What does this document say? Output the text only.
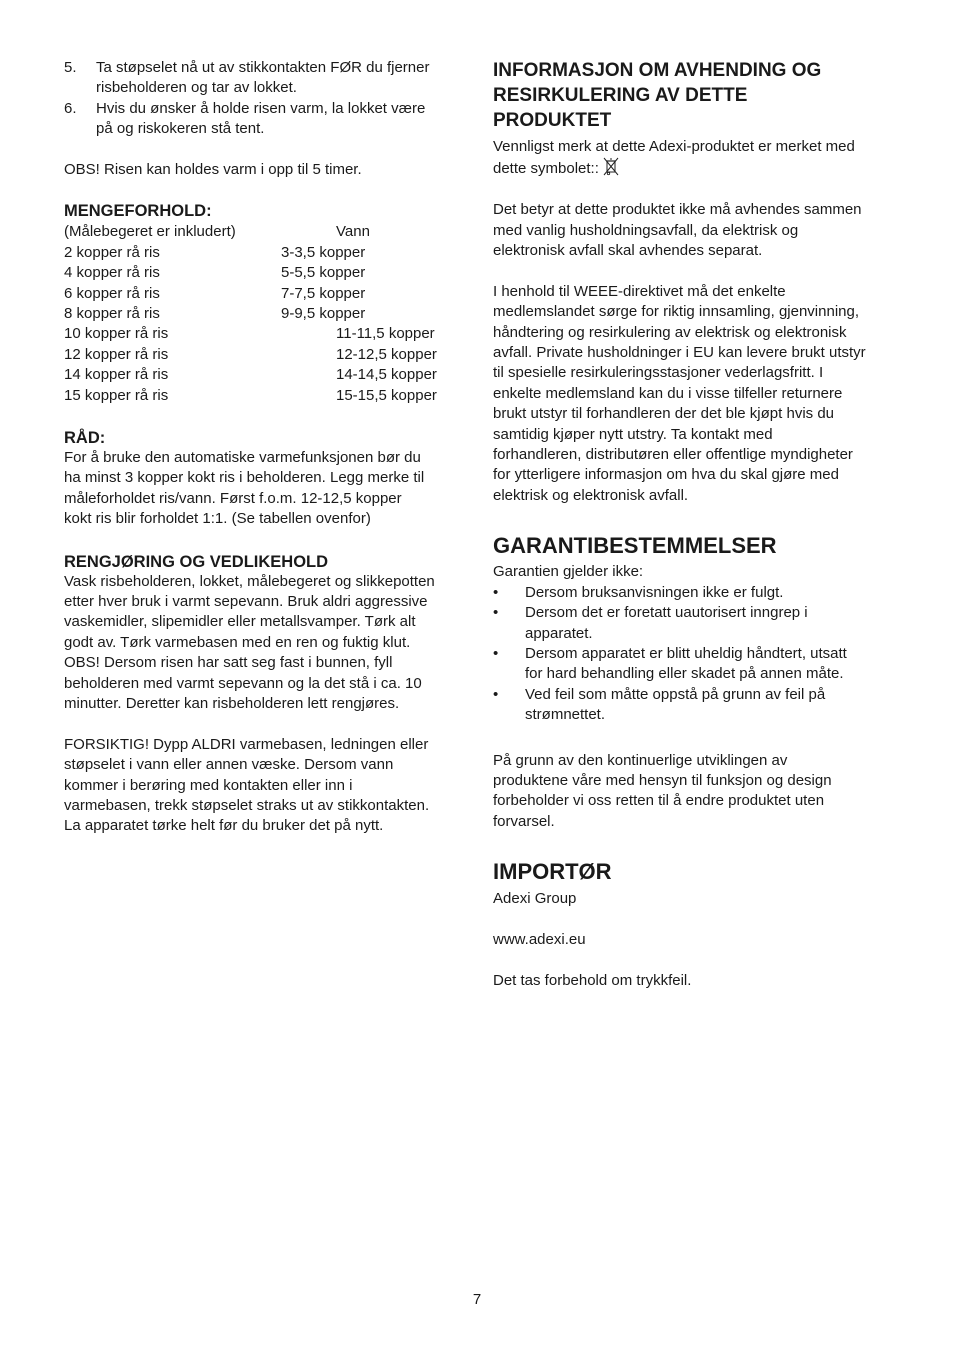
5. Ta støpselet nå ut av stikkontakten FØR du fjerner
risbeholderen og tar av lokket.
6. Hvis du ønsker å holde risen varm, la lokket være
på og riskokeren stå tent.

OBS! Risen kan holdes varm i opp til 5 timer.

MENGEFORHOLD:
(Målebegeret er inkludert)	Vann
2 kopper rå ris	3-3,5 kopper
4 kopper rå ris	5-5,5 kopper
6 kopper rå ris	7-7,5 kopper
8 kopper rå ris	9-9,5 kopper
10 kopper rå ris	11-11,5 kopper
12 kopper rå ris	12-12,5 kopper
14 kopper rå ris	14-14,5 kopper
15 kopper rå ris	15-15,5 kopper
RÅD:

For å bruke den automatiske varmefunksjonen bør du

ha minst 3 kopper kokt ris i beholderen. Legg merke til

måleforholdet ris/vann. Først f.o.m. 12-12,5 kopper

kokt ris blir forholdet 1:1. (Se tabellen ovenfor)

RENGJØRING OG VEDLIKEHOLD

Vask risbeholderen, lokket, målebegeret og slikkepotten

etter hver bruk i varmt sepevann. Bruk aldri aggressive

vaskemidler, slipemidler eller metallsvamper. Tørk alt

godt av. Tørk varmebasen med en ren og fuktig klut.

OBS! Dersom risen har satt seg fast i bunnen, fyll

beholderen med varmt sepevann og la det stå i ca. 10

minutter. Deretter kan risbeholderen lett rengjøres.

FORSIKTIG! Dypp ALDRI varmebasen, ledningen eller

støpselet i vann eller annen væske. Dersom vann

kommer i berøring med kontakten eller inn i

varmebasen, trekk støpselet straks ut av stikkontakten.

La apparatet tørke helt før du bruker det på nytt.

INFORMASJON OM AVHENDING OG
RESIRKULERING AV DETTE
PRODUKTET

Vennligst merk at dette Adexi-produktet er merket med

dette symbolet::

Det betyr at dette produktet ikke må avhendes sammen

med vanlig husholdningsavfall, da elektrisk og

elektronisk avfall skal avhendes separat.

I henhold til WEEE-direktivet må det enkelte

medlemslandet sørge for riktig innsamling, gjenvinning,

håndtering og resirkulering av elektrisk og elektronisk

avfall. Private husholdninger i EU kan levere brukt utstyr

til spesielle resirkuleringsstasjoner vederlagsfritt. I

enkelte medlemsland kan du i visse tilfeller returnere

brukt utstyr til forhandleren der det ble kjøpt hvis du

samtidig kjøper nytt utstry. Ta kontakt med

forhandleren, distributøren eller offentlige myndigheter

for ytterligere informasjon om hva du skal gjøre med

elektrisk og elektronisk avfall.

GARANTIBESTEMMELSER

Garantien gjelder ikke:

• Dersom bruksanvisningen ikke er fulgt.
• Dersom det er foretatt uautorisert inngrep i
apparatet.
• Dersom apparatet er blitt uheldig håndtert, utsatt
for hard behandling eller skadet på annen måte.
• Ved feil som måtte oppstå på grunn av feil på
strømnettet.

På grunn av den kontinuerlige utviklingen av

produktene våre med hensyn til funksjon og design

forbeholder vi oss retten til å endre produktet uten

forvarsel.

IMPORTØR

Adexi Group

www.adexi.eu

Det tas forbehold om trykkfeil.

7
